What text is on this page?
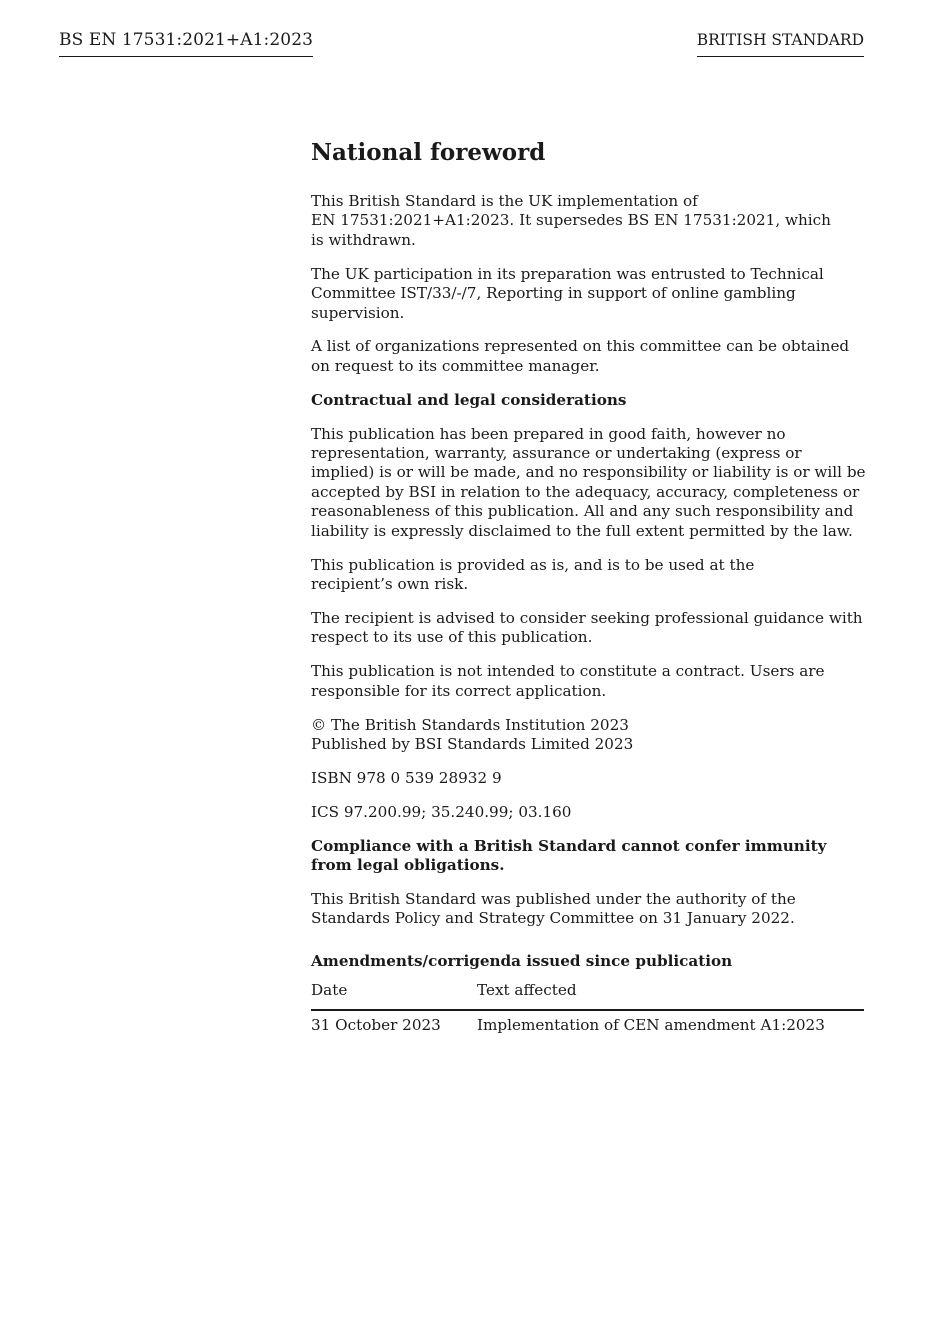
BS EN 17531:2021+A1:2023	BRITISH STANDARD
National foreword

This British Standard is the UK implementation of
EN 17531:2021+A1:2023. It supersedes BS EN 17531:2021, which
is withdrawn.

The UK participation in its preparation was entrusted to Technical Committee IST/33/-/7, Reporting in support of online gambling supervision.

A list of organizations represented on this committee can be obtained on request to its committee manager.

Contractual and legal considerations

This publication has been prepared in good faith, however no representation, warranty, assurance or undertaking (express or implied) is or will be made, and no responsibility or liability is or will be accepted by BSI in relation to the adequacy, accuracy, completeness or reasonableness of this publication. All and any such responsibility and liability is expressly disclaimed to the full extent permitted by the law.

This publication is provided as is, and is to be used at the
recipient’s own risk.

The recipient is advised to consider seeking professional guidance with respect to its use of this publication.

This publication is not intended to constitute a contract. Users are responsible for its correct application.

© The British Standards Institution 2023
Published by BSI Standards Limited 2023

ISBN 978 0 539 28932 9

ICS 97.200.99; 35.240.99; 03.160

Compliance with a British Standard cannot confer immunity from legal obligations.

This British Standard was published under the authority of the Standards Policy and Strategy Committee on 31 January 2022.

Amendments/corrigenda issued since publication
Date	Text affected
31 October 2023	Implementation of CEN amendment A1:2023
